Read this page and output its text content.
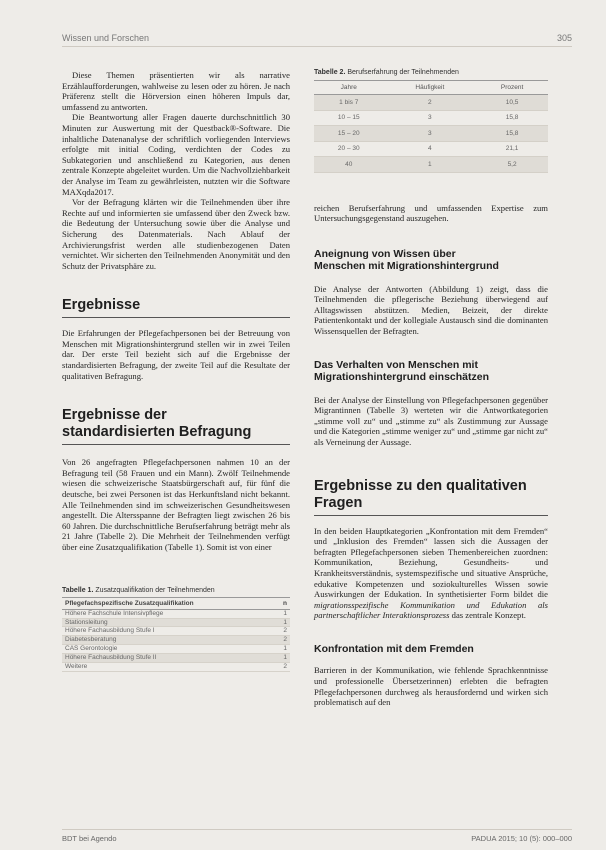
Wissen und Forschen	305

Diese Themen präsentierten wir als narrative Erzählaufforderungen, wahlweise zu lesen oder zu hören. Je nach Präferenz stellt die Hörversion einen höheren Impuls dar, umfassend zu antworten.

Die Beantwortung aller Fragen dauerte durchschnittlich 30 Minuten zur Auswertung mit der Questback®-Software. Die inhaltliche Datenanalyse der schriftlich vorliegenden Interviews erfolgte mit initial Coding, verdichten der Codes zu Subkategorien und anschließend zu Kategorien, aus denen zentrale Konzepte abgeleitet wurden. Um die Nachvollziehbarkeit der Analyse im Team zu gewährleisten, nutzten wir die Software MAXqda2017.

Vor der Befragung klärten wir die Teilnehmenden über ihre Rechte auf und informierten sie umfassend über den Zweck bzw. die Bedeutung der Untersuchung sowie über die Analyse und Sicherung des Datenmaterials. Nach Ablauf der Archivierungsfrist werden alle studienbezogenen Daten vernichtet. Wir sicherten den Teilnehmenden Anonymität und den Schutz der Privatsphäre zu.

Ergebnisse

Die Erfahrungen der Pflegefachpersonen bei der Betreuung von Menschen mit Migrationshintergrund stellen wir in zwei Teilen dar. Der erste Teil bezieht sich auf die Ergebnisse der standardisierten Befragung, der zweite Teil auf die Resultate der qualitativen Befragung.

Ergebnisse der
standardisierten Befragung

Von 26 angefragten Pflegefachpersonen nahmen 10 an der Befragung teil (58 Frauen und ein Mann). Zwölf Teilnehmende wiesen die schweizerische Staatsbürgerschaft auf, für fünf die deutsche, bei zwei Personen ist das Herkunftsland nicht bekannt. Alle Teilnehmenden sind im schweizerischen Gesundheitswesen angestellt. Die Altersspanne der Befragten liegt zwischen 26 bis 60 Jahren. Die durchschnittliche Berufserfahrung beträgt mehr als 21 Jahre (Tabelle 2). Die Mehrheit der Teilnehmenden verfügt über eine Zusatzqualifikation (Tabelle 1). Somit ist von einer

Tabelle 1. Zusatzqualifikation der Teilnehmenden
Pflegefachspezifische Zusatzqualifikation	n
Höhere Fachschule Intensivpflege	1
Stationsleitung	1
Höhere Fachausbildung Stufe I	2
Diabetesberatung	2
CAS Gerontologie	1
Höhere Fachausbildung Stufe II	1
Weitere	2
Tabelle 2. Berufserfahrung der Teilnehmenden
Jahre	Häufigkeit	Prozent
1 bis 7	2	10,5
10 – 15	3	15,8
15 – 20	3	15,8
20 – 30	4	21,1
40	1	5,2

reichen Berufserfahrung und umfassenden Expertise zum Untersuchungsgegenstand auszugehen.

Aneignung von Wissen über
Menschen mit Migrationshintergrund

Die Analyse der Antworten (Abbildung 1) zeigt, dass die Teilnehmenden die pflegerische Beziehung überwiegend auf Alltagswissen abstützen. Medien, Beizeit, der direkte Patientenkontakt und der kollegiale Austausch sind die dominanten Wissensquellen der Befragten.

Das Verhalten von Menschen mit
Migrationshintergrund einschätzen

Bei der Analyse der Einstellung von Pflegefachpersonen gegenüber Migrantinnen (Tabelle 3) werteten wir die Antwortkategorien „stimme voll zu“ und „stimme zu“ als Zustimmung zur Aussage und die Kategorien „stimme weniger zu“ und „stimme gar nicht zu“ als Verneinung der Aussage.

Ergebnisse zu den qualitativen Fragen

In den beiden Hauptkategorien „Konfrontation mit dem Fremden“ und „Inklusion des Fremden“ lassen sich die Aussagen der befragten Pflegefachpersonen sieben Themenbereichen zuordnen: Kommunikation, Beziehung, Gesundheits- und Krankheitsverständnis, systemspezifische und situative Ansprüche, edukative Kompetenzen und soziokulturelles Wissen sowie Auswirkungen der Edukation. In synthetisierter Form bildet die migrationsspezifische Kommunikation und Edukation als partnerschaftlicher Interaktionsprozess das zentrale Konzept.

Konfrontation mit dem Fremden

Barrieren in der Kommunikation, wie fehlende Sprachkenntnisse und professionelle Übersetzerinnen) erlebten die befragten Pflegefachpersonen durchweg als herausfordernd und wirken sich problematisch auf den

BDT bei Agendo	PADUA 2015; 10 (5): 000–000
